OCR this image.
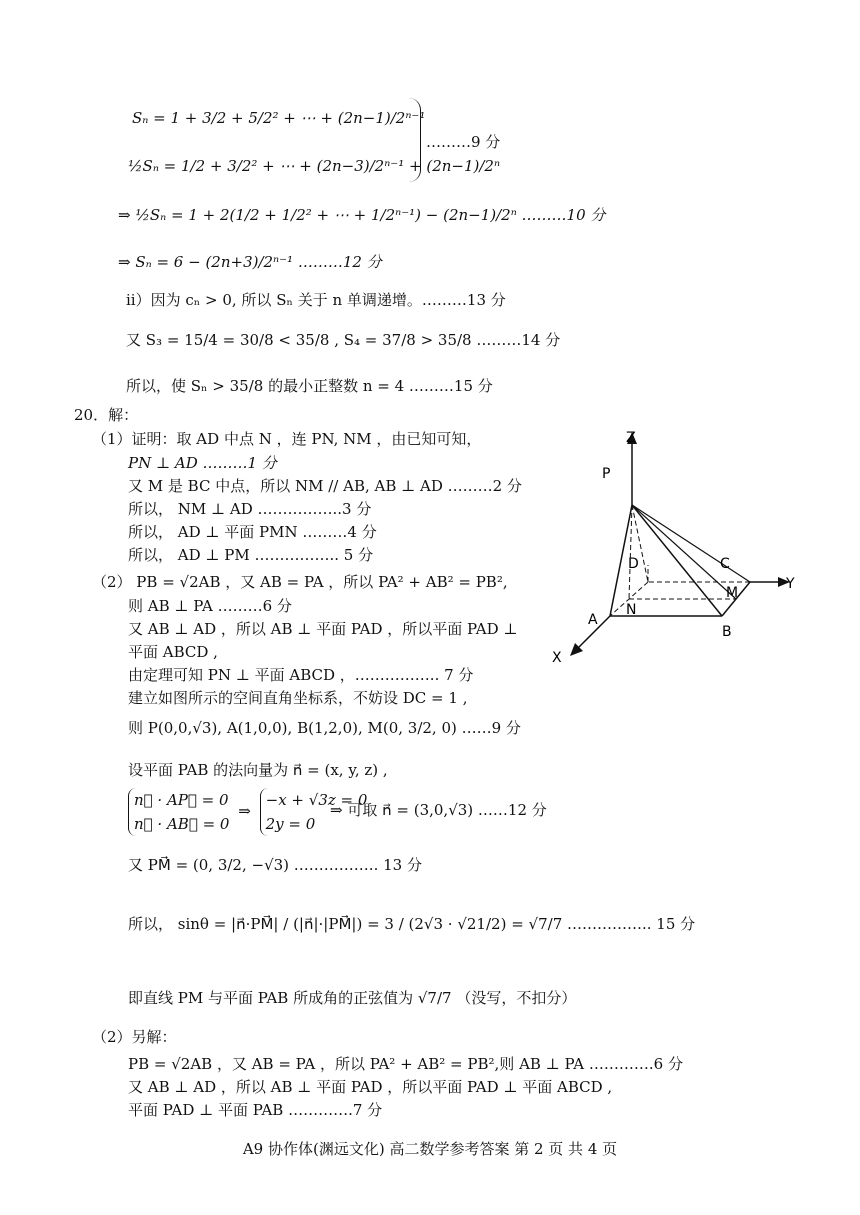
Sₙ = 1 + 3/2 + 5/2² + ⋯ + (2n−1)/2ⁿ⁻¹
½Sₙ = 1/2 + 3/2² + ⋯ + (2n−3)/2ⁿ⁻¹ + (2n−1)/2ⁿ
………9 分
⇒ ½Sₙ = 1 + 2(1/2 + 1/2² + ⋯ + 1/2ⁿ⁻¹) − (2n−1)/2ⁿ ………10 分
⇒ Sₙ = 6 − (2n+3)/2ⁿ⁻¹ ………12 分
ii）因为 cₙ > 0, 所以 Sₙ 关于 n 单调递增。………13 分
又 S₃ = 15/4 = 30/8 < 35/8 , S₄ = 37/8 > 35/8 ………14 分
所以，使 Sₙ > 35/8 的最小正整数 n = 4 ………15 分
20．解：
（1）证明：取 AD 中点 N ，连 PN, NM ，由已知可知，
PN ⊥ AD ………1 分
又 M 是 BC 中点，所以 NM // AB, AB ⊥ AD ………2 分
所以， NM ⊥ AD ……………..3 分
所以， AD ⊥ 平面 PMN ………4 分
所以， AD ⊥ PM …………….. 5 分
（2） PB = √2AB ，又 AB = PA ，所以 PA² + AB² = PB²,
则 AB ⊥ PA ………6 分
又 AB ⊥ AD ，所以 AB ⊥ 平面 PAD ，所以平面 PAD ⊥
平面 ABCD ,
由定理可知 PN ⊥ 平面 ABCD ，…………….. 7 分
建立如图所示的空间直角坐标系，不妨设 DC = 1 ,
则 P(0,0,√3), A(1,0,0), B(1,2,0), M(0, 3/2, 0) ……9 分
设平面 PAB 的法向量为 n⃗ = (x, y, z) ,
n⃗ · AP⃗ = 0
n⃗ · AB⃗ = 0 ⇒ −x + √3z = 0
2y = 0
⇒ 可取 n⃗ = (3,0,√3) ……12 分
又 PM⃗ = (0, 3/2, −√3) …………….. 13 分
所以， sinθ = |n⃗·PM⃗| / (|n⃗|·|PM⃗|) = 3 / (2√3 · √21/2) = √7/7 …………….. 15 分
即直线 PM 与平面 PAB 所成角的正弦值为 √7/7 （没写，不扣分）
（2）另解：
PB = √2AB ，又 AB = PA ，所以 PA² + AB² = PB²,则 AB ⊥ PA ………….6 分
又 AB ⊥ AD ，所以 AB ⊥ 平面 PAD ，所以平面 PAD ⊥ 平面 ABCD ,
平面 PAD ⊥ 平面 PAB ………….7 分
Z
P
Y
X
A
B
C
D
M
N
A9 协作体(渊远文化) 高二数学参考答案 第 2 页 共 4 页
